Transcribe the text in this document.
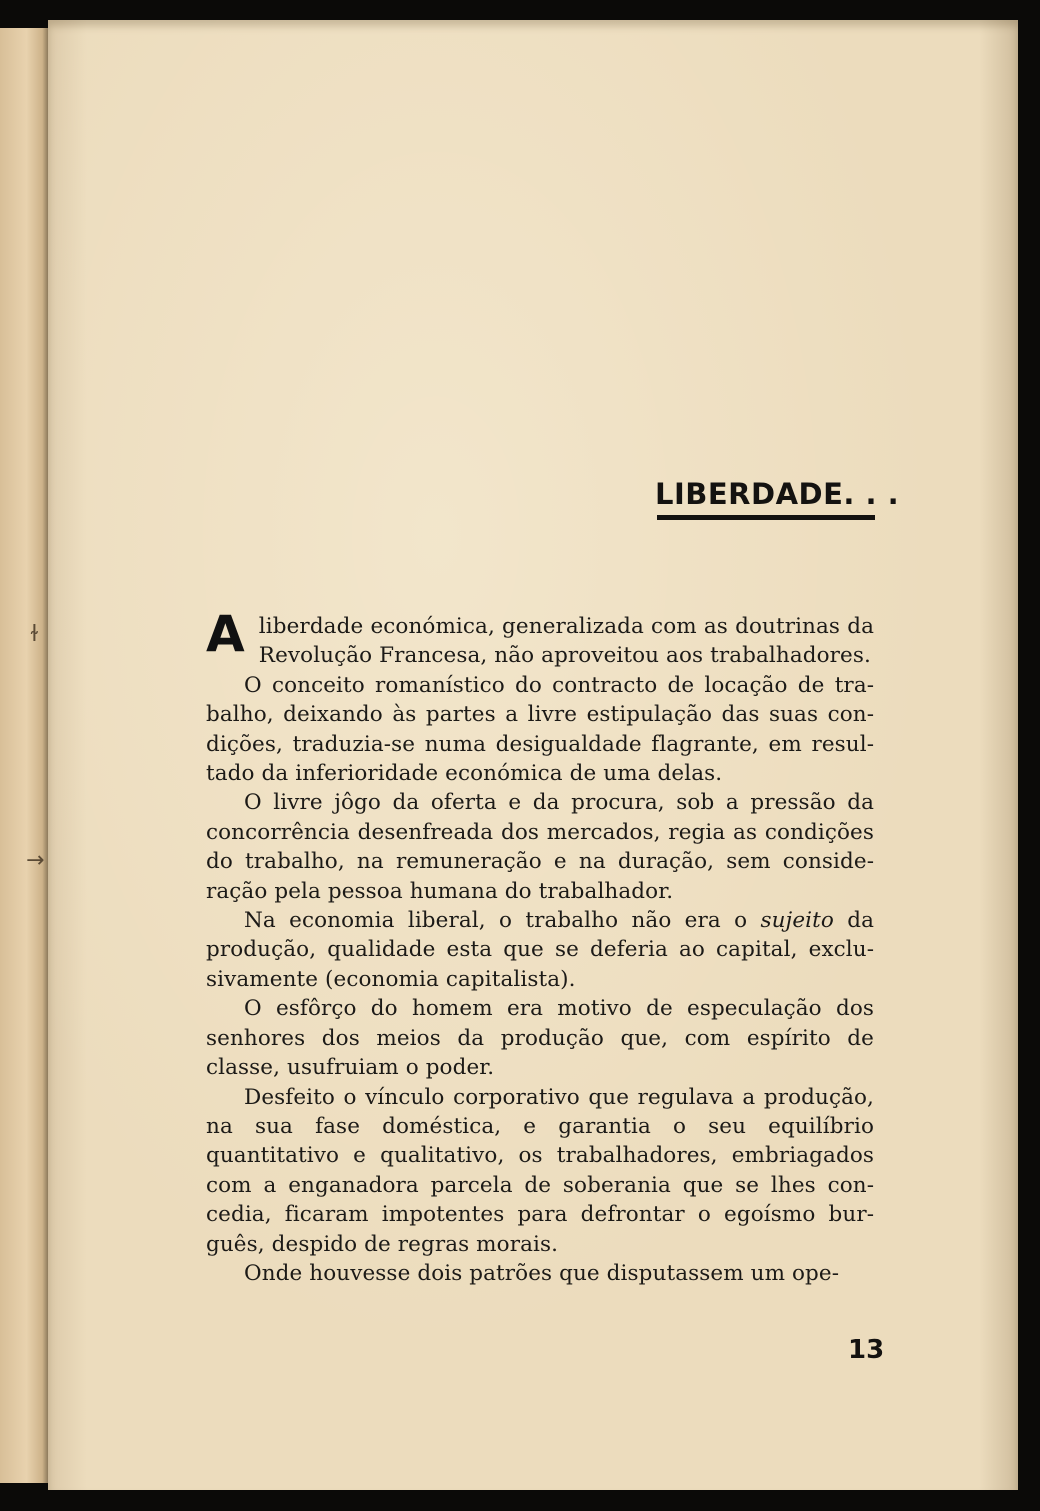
ɫ
→
LIBERDADE. . .

Aliberdade económica, generalizada com as doutrinas da Revolução Francesa, não aproveitou aos trabalhadores.

O conceito romanístico do contracto de locação de trabalho, deixando às partes a livre estipulação das suas condições, traduzia-se numa desigualdade flagrante, em resultado da inferioridade económica de uma delas.

O livre jôgo da oferta e da procura, sob a pressão da concorrência desenfreada dos mercados, regia as condições do trabalho, na remuneração e na duração, sem consideração pela pessoa humana do trabalhador.

Na economia liberal, o trabalho não era o sujeito da produção, qualidade esta que se deferia ao capital, exclusivamente (economia capitalista).

O esfôrço do homem era motivo de especulação dos senhores dos meios da produção que, com espírito de classe, usufruiam o poder.

Desfeito o vínculo corporativo que regulava a produção, na sua fase doméstica, e garantia o seu equilíbrio quantitativo e qualitativo, os trabalhadores, embriagados com a enganadora parcela de soberania que se lhes concedia, ficaram impotentes para defrontar o egoísmo burguês, despido de regras morais.

Onde houvesse dois patrões que disputassem um ope-

13
